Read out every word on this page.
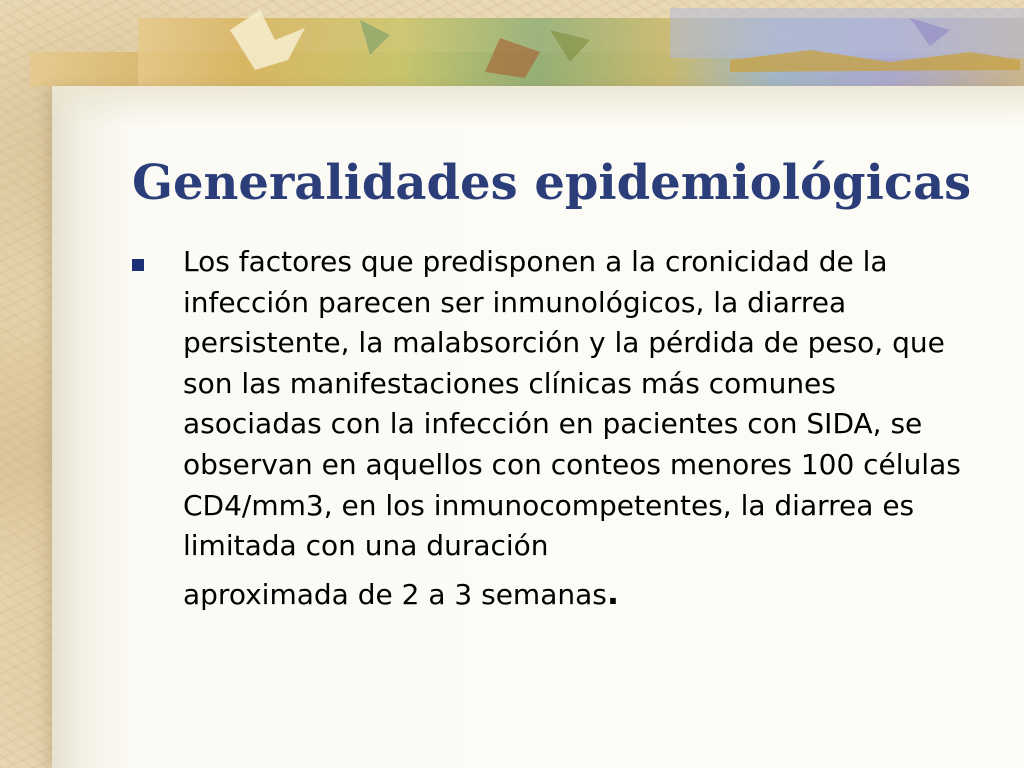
Generalidades epidemiológicas
Los factores que predisponen a la cronicidad de la infección parecen ser inmunológicos, la diarrea persistente, la malabsorción y la pérdida de peso, que son las manifestaciones clínicas más comunes asociadas con la infección en pacientes con SIDA, se observan en aquellos con conteos menores 100 células CD4/mm3, en los inmunocompetentes, la diarrea es limitada con una duración
aproximada de 2 a 3 semanas.
